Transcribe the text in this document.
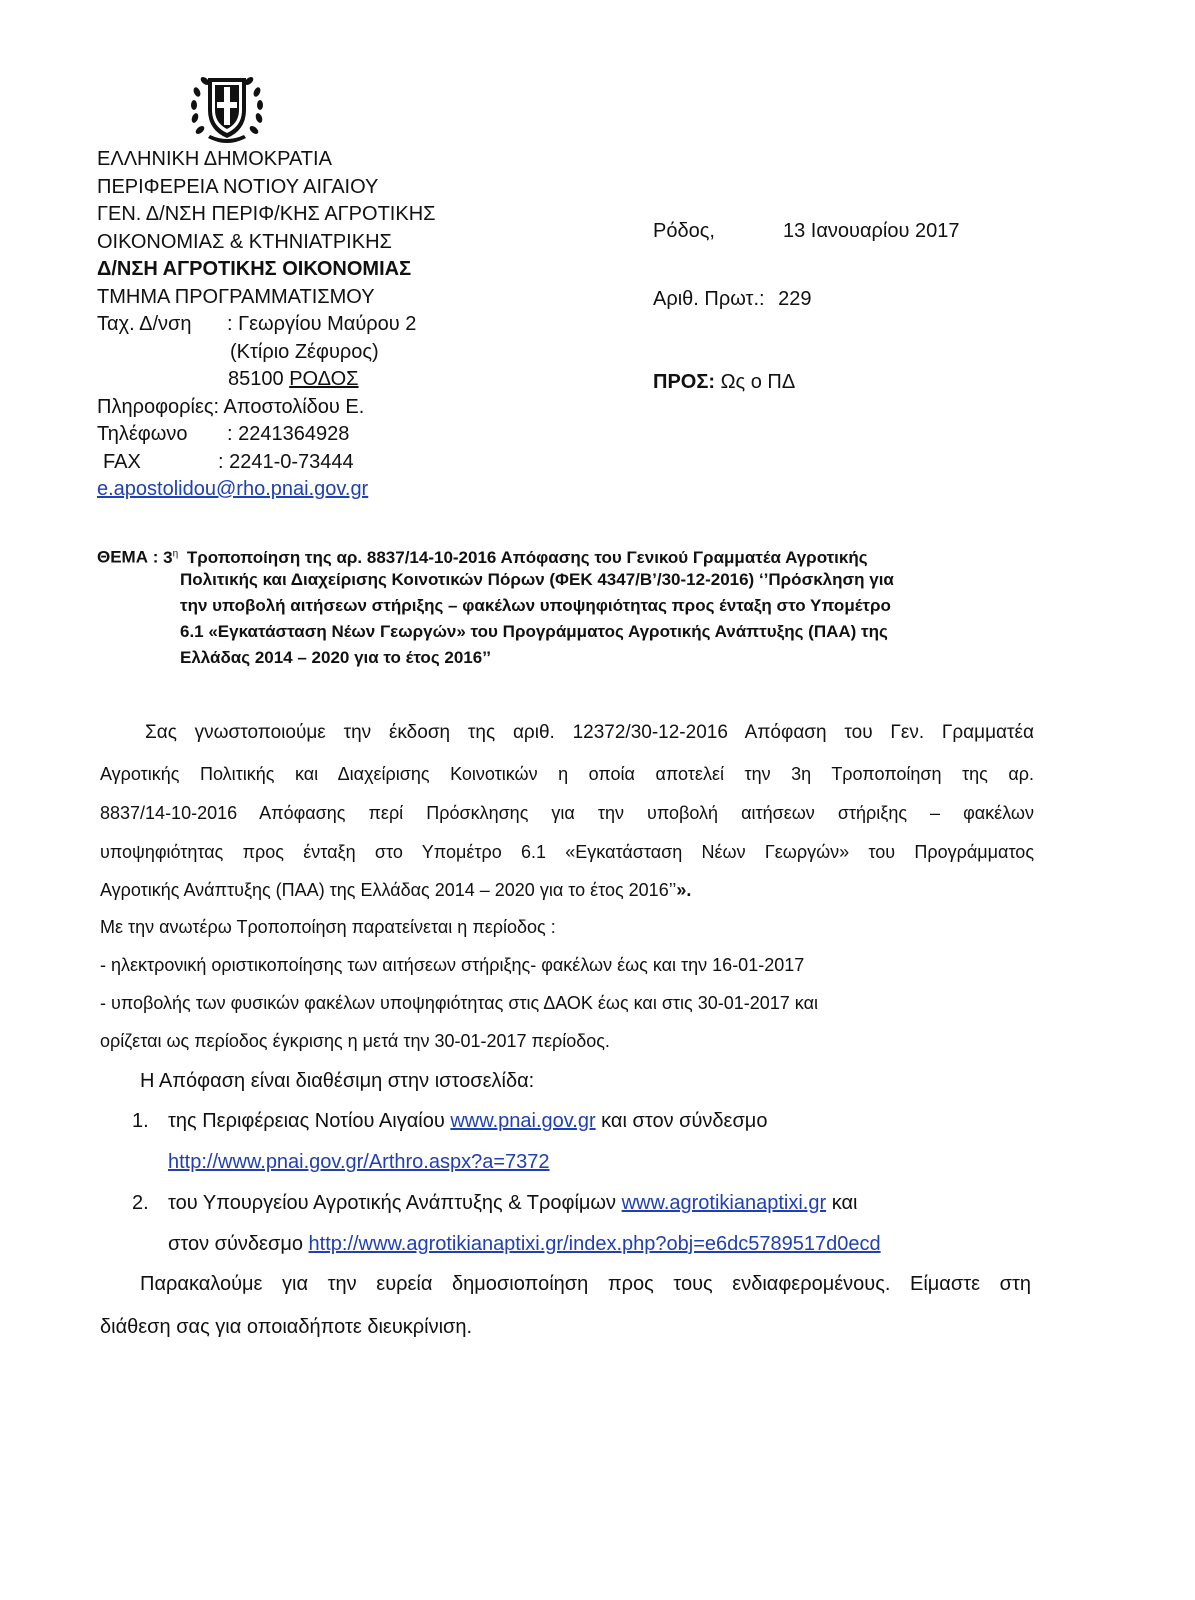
ΕΛΛΗΝΙΚΗ ΔΗΜΟΚΡΑΤΙΑ
ΠΕΡΙΦΕΡΕΙΑ ΝΟΤΙΟΥ ΑΙΓΑΙΟΥ
ΓΕΝ. Δ/ΝΣΗ ΠΕΡΙΦ/ΚΗΣ ΑΓΡΟΤΙΚΗΣ
ΟΙΚΟΝΟΜΙΑΣ & ΚΤΗΝΙΑΤΡΙΚΗΣ
Δ/ΝΣΗ ΑΓΡΟΤΙΚΗΣ ΟΙΚΟΝΟΜΙΑΣ
ΤΜΗΜΑ ΠΡΟΓΡΑΜΜΑΤΙΣΜΟΥ
Ταχ. Δ/νση : Γεωργίου Μαύρου 2
(Κτίριο Ζέφυρος)
85100 ΡΟΔΟΣ
Πληροφορίες: Αποστολίδου Ε.
Τηλέφωνο : 2241364928
FAX	: 2241-0-73444
e.apostolidou@rho.pnai.gov.gr
Ρόδος,	13 Ιανουαρίου 2017
Αριθ. Πρωτ.: 229
ΠΡΟΣ: Ως ο ΠΔ
ΘΕΜΑ : $3^\eta$ Τροποποίηση της αρ. 8837/14-10-2016 Απόφασης του Γενικού Γραμματέα Αγροτικής
Πολιτικής και Διαχείρισης Κοινοτικών Πόρων (ΦΕΚ 4347/Β’/30-12-2016) ‘’Πρόσκληση για
την υποβολή αιτήσεων στήριξης – φακέλων υποψηφιότητας προς ένταξη στο Υπομέτρο
6.1 «Εγκατάσταση Νέων Γεωργών» του Προγράμματος Αγροτικής Ανάπτυξης (ΠΑΑ) της
Ελλάδας 2014 – 2020 για το έτος 2016’’
Σας γνωστοποιούμε την έκδοση της αριθ. 12372/30-12-2016 Απόφαση του Γεν. Γραμματέα
Αγροτικής Πολιτικής και Διαχείρισης Κοινοτικών η οποία αποτελεί την 3η Τροποποίηση της αρ.
8837/14-10-2016 Απόφασης περί Πρόσκλησης για την υποβολή αιτήσεων στήριξης – φακέλων
υποψηφιότητας προς ένταξη στο Υπομέτρο 6.1 «Εγκατάσταση Νέων Γεωργών» του Προγράμματος
Αγροτικής Ανάπτυξης (ΠΑΑ) της Ελλάδας 2014 – 2020 για το έτος 2016’’».
Με την ανωτέρω Τροποποίηση παρατείνεται η περίοδος :
- ηλεκτρονική οριστικοποίησης των αιτήσεων στήριξης- φακέλων έως και την 16-01-2017
- υποβολής των φυσικών φακέλων υποψηφιότητας στις ΔΑΟΚ έως και στις 30-01-2017 και
ορίζεται ως περίοδος έγκρισης η μετά την 30-01-2017 περίοδος.
Η Απόφαση είναι διαθέσιμη στην ιστοσελίδα:
1. της Περιφέρειας Νοτίου Αιγαίου www.pnai.gov.gr και στον σύνδεσμο
http://www.pnai.gov.gr/Arthro.aspx?a=7372
2. του Υπουργείου Αγροτικής Ανάπτυξης & Τροφίμων www.agrotikianaptixi.gr και
στον σύνδεσμο http://www.agrotikianaptixi.gr/index.php?obj=e6dc5789517d0ecd
Παρακαλούμε για την ευρεία δημοσιοποίηση προς τους ενδιαφερομένους. Είμαστε στη
διάθεση σας για οποιαδήποτε διευκρίνιση.
